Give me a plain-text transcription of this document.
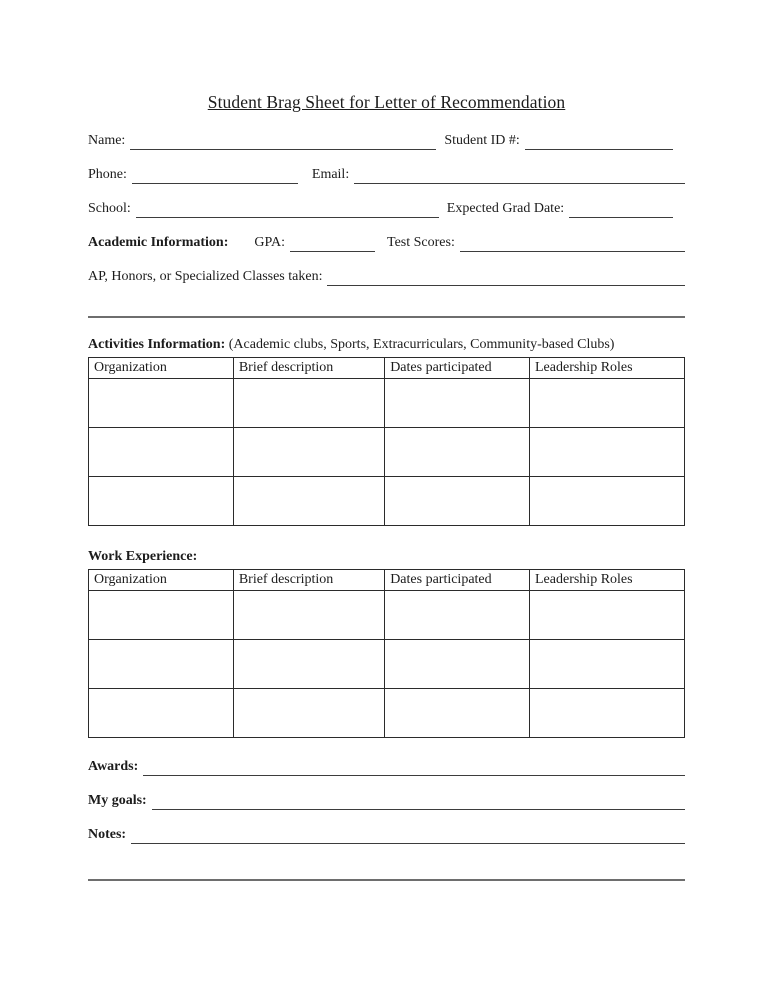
Student Brag Sheet for Letter of Recommendation
Name:	Student ID #:
Phone:	Email:
School:	Expected Grad Date:
Academic Information: GPA:	Test Scores:
AP, Honors, or Specialized Classes taken:
Activities Information: (Academic clubs, Sports, Extracurriculars, Community-based Clubs)
Organization	Brief description	Dates participated	Leadership Roles

Work Experience:
Organization	Brief description	Dates participated	Leadership Roles

Awards:
My goals:
Notes:
